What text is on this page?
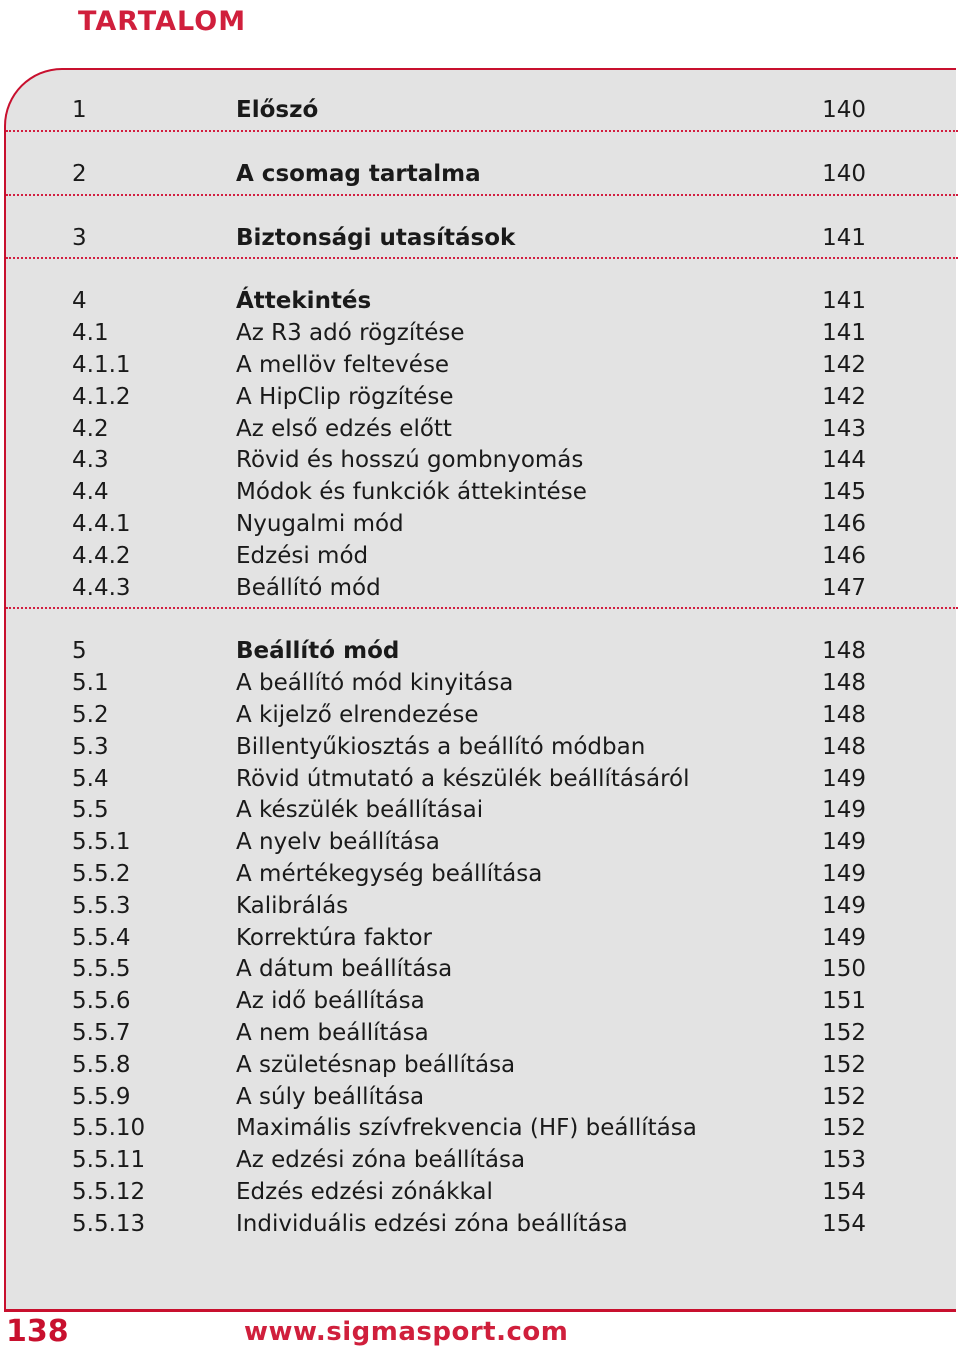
TARTALOM
1	Előszó	140
2	A csomag tartalma	140
3	Biztonsági utasítások	141
4	Áttekintés	141
4.1	Az R3 adó rögzítése	141
4.1.1	A mellöv feltevése	142
4.1.2	A HipClip rögzítése	142
4.2	Az első edzés előtt	143
4.3	Rövid és hosszú gombnyomás	144
4.4	Módok és funkciók áttekintése	145
4.4.1	Nyugalmi mód	146
4.4.2	Edzési mód	146
4.4.3	Beállító mód	147
5	Beállító mód	148
5.1	A beállító mód kinyitása	148
5.2	A kijelző elrendezése	148
5.3	Billentyűkiosztás a beállító módban	148
5.4	Rövid útmutató a készülék beállításáról	149
5.5	A készülék beállításai	149
5.5.1	A nyelv beállítása	149
5.5.2	A mértékegység beállítása	149
5.5.3	Kalibrálás	149
5.5.4	Korrektúra faktor	149
5.5.5	A dátum beállítása	150
5.5.6	Az idő beállítása	151
5.5.7	A nem beállítása	152
5.5.8	A születésnap beállítása	152
5.5.9	A súly beállítása	152
5.5.10	Maximális szívfrekvencia (HF) beállítása	152
5.5.11	Az edzési zóna beállítása	153
5.5.12	Edzés edzési zónákkal	154
5.5.13	Individuális edzési zóna beállítása	154
138	www.sigmasport.com
